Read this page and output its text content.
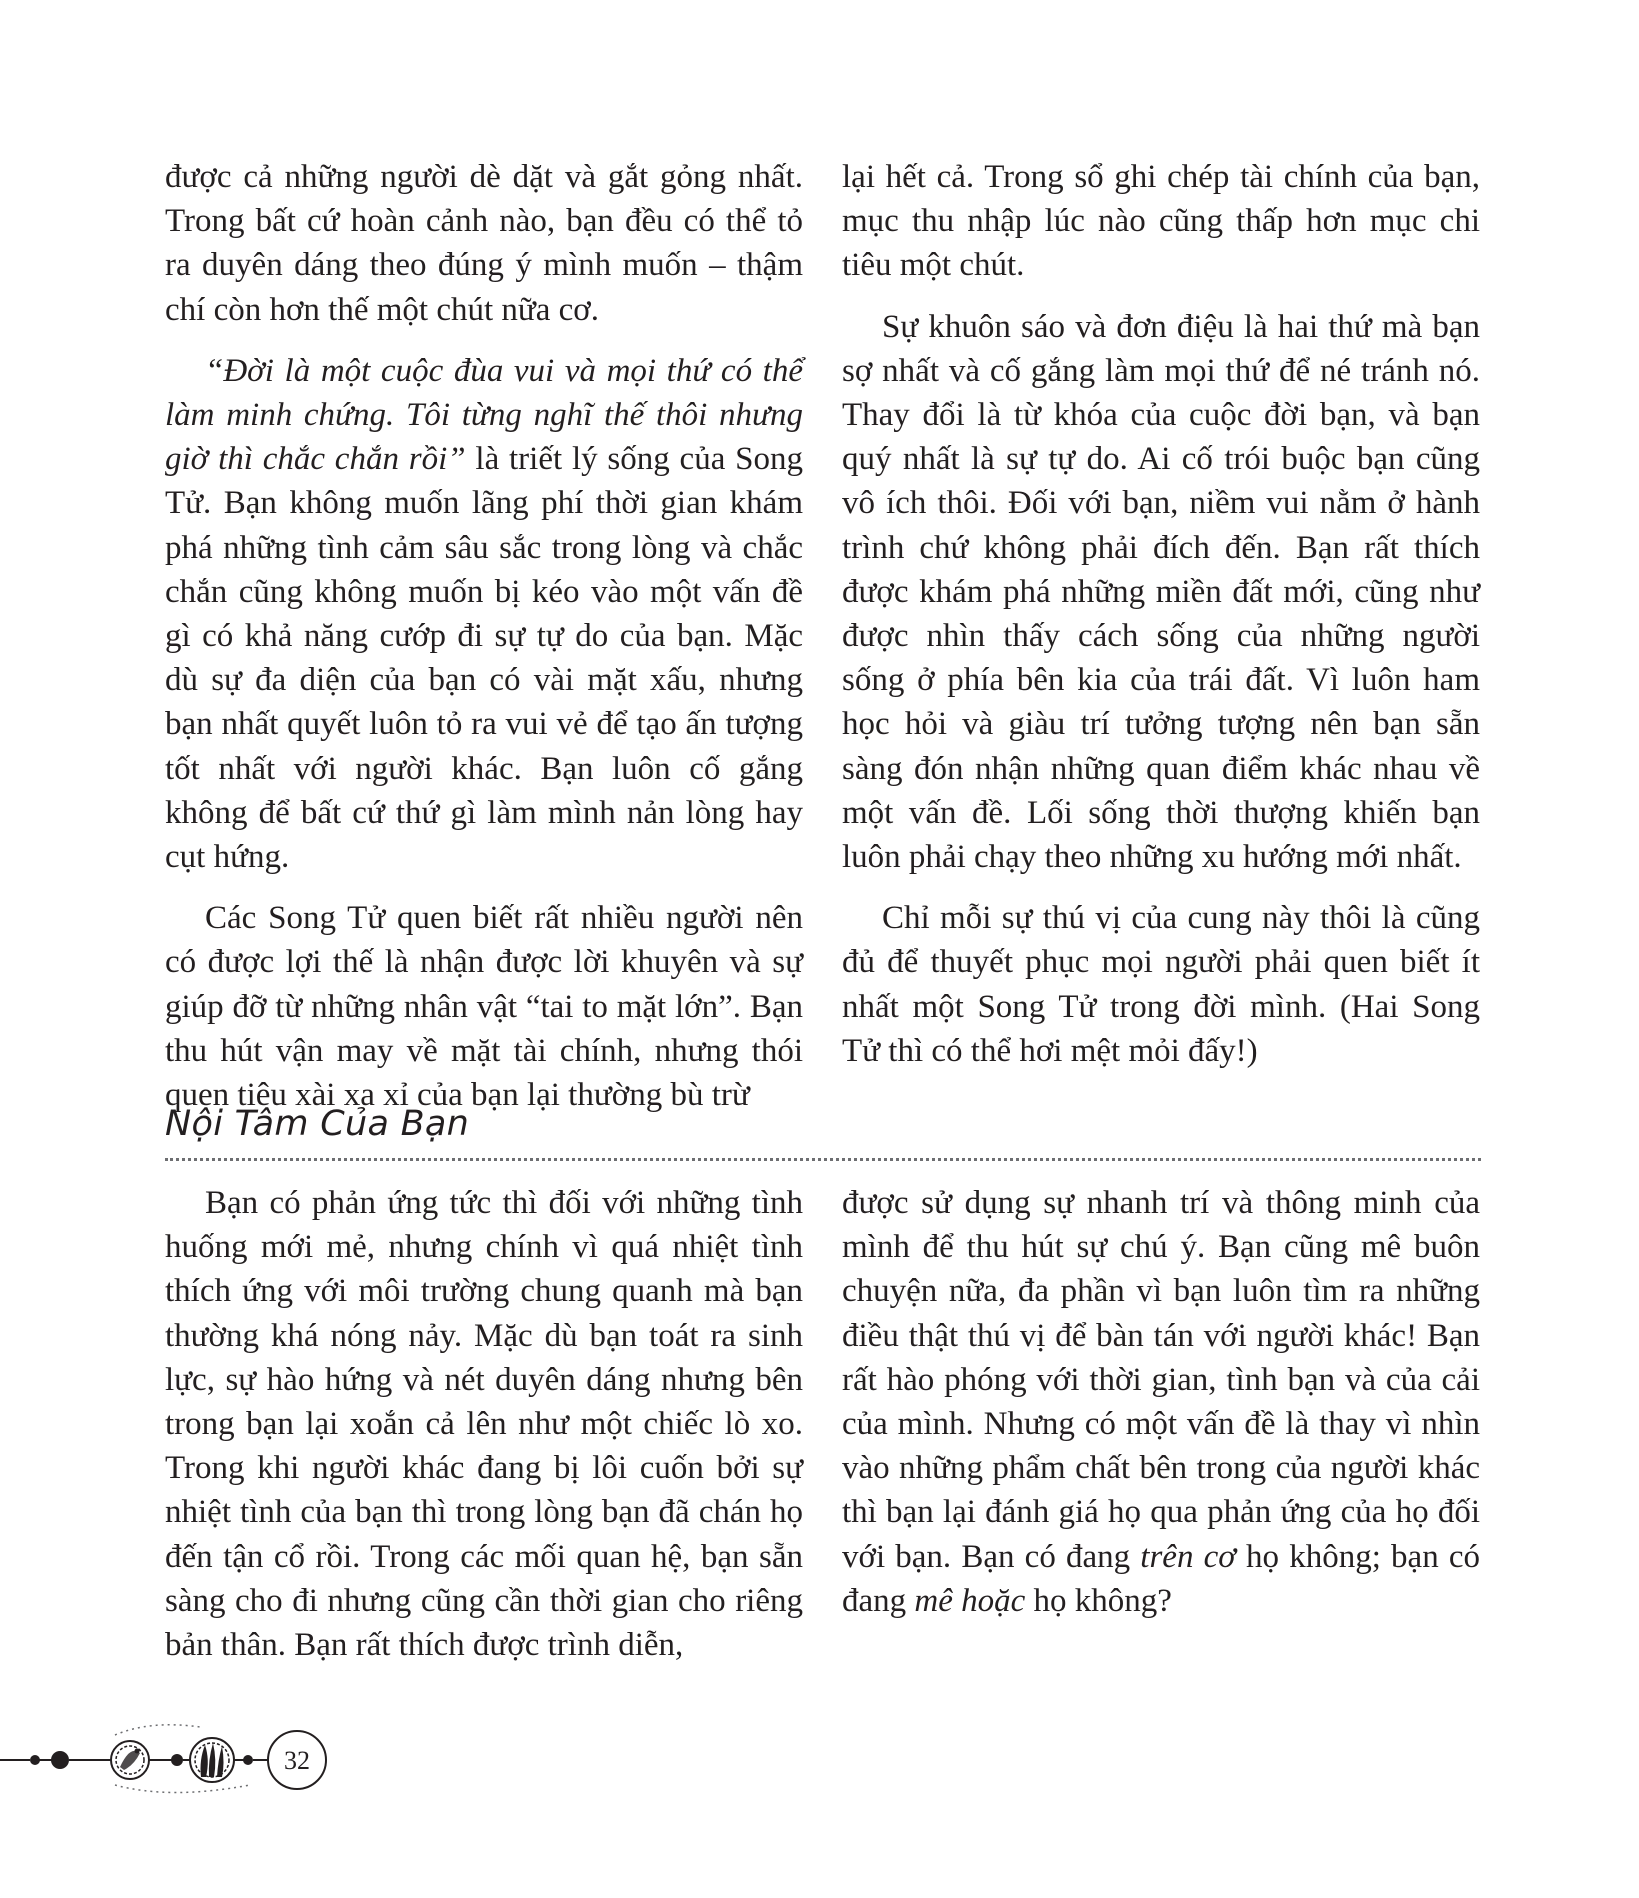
được cả những người dè dặt và gắt gỏng nhất. Trong bất cứ hoàn cảnh nào, bạn đều có thể tỏ ra duyên dáng theo đúng ý mình muốn – thậm chí còn hơn thế một chút nữa cơ.

“Đời là một cuộc đùa vui và mọi thứ có thể làm minh chứng. Tôi từng nghĩ thế thôi nhưng giờ thì chắc chắn rồi” là triết lý sống của Song Tử. Bạn không muốn lãng phí thời gian khám phá những tình cảm sâu sắc trong lòng và chắc chắn cũng không muốn bị kéo vào một vấn đề gì có khả năng cướp đi sự tự do của bạn. Mặc dù sự đa diện của bạn có vài mặt xấu, nhưng bạn nhất quyết luôn tỏ ra vui vẻ để tạo ấn tượng tốt nhất với người khác. Bạn luôn cố gắng không để bất cứ thứ gì làm mình nản lòng hay cụt hứng.

Các Song Tử quen biết rất nhiều người nên có được lợi thế là nhận được lời khuyên và sự giúp đỡ từ những nhân vật “tai to mặt lớn”. Bạn thu hút vận may về mặt tài chính, nhưng thói quen tiêu xài xa xỉ của bạn lại thường bù trừ

lại hết cả. Trong sổ ghi chép tài chính của bạn, mục thu nhập lúc nào cũng thấp hơn mục chi tiêu một chút.

Sự khuôn sáo và đơn điệu là hai thứ mà bạn sợ nhất và cố gắng làm mọi thứ để né tránh nó. Thay đổi là từ khóa của cuộc đời bạn, và bạn quý nhất là sự tự do. Ai cố trói buộc bạn cũng vô ích thôi. Đối với bạn, niềm vui nằm ở hành trình chứ không phải đích đến. Bạn rất thích được khám phá những miền đất mới, cũng như được nhìn thấy cách sống của những người sống ở phía bên kia của trái đất. Vì luôn ham học hỏi và giàu trí tưởng tượng nên bạn sẵn sàng đón nhận những quan điểm khác nhau về một vấn đề. Lối sống thời thượng khiến bạn luôn phải chạy theo những xu hướng mới nhất.

Chỉ mỗi sự thú vị của cung này thôi là cũng đủ để thuyết phục mọi người phải quen biết ít nhất một Song Tử trong đời mình. (Hai Song Tử thì có thể hơi mệt mỏi đấy!)

Nội Tâm Của Bạn

Bạn có phản ứng tức thì đối với những tình huống mới mẻ, nhưng chính vì quá nhiệt tình thích ứng với môi trường chung quanh mà bạn thường khá nóng nảy. Mặc dù bạn toát ra sinh lực, sự hào hứng và nét duyên dáng nhưng bên trong bạn lại xoắn cả lên như một chiếc lò xo. Trong khi người khác đang bị lôi cuốn bởi sự nhiệt tình của bạn thì trong lòng bạn đã chán họ đến tận cổ rồi. Trong các mối quan hệ, bạn sẵn sàng cho đi nhưng cũng cần thời gian cho riêng bản thân. Bạn rất thích được trình diễn,

được sử dụng sự nhanh trí và thông minh của mình để thu hút sự chú ý. Bạn cũng mê buôn chuyện nữa, đa phần vì bạn luôn tìm ra những điều thật thú vị để bàn tán với người khác! Bạn rất hào phóng với thời gian, tình bạn và của cải của mình. Nhưng có một vấn đề là thay vì nhìn vào những phẩm chất bên trong của người khác thì bạn lại đánh giá họ qua phản ứng của họ đối với bạn. Bạn có đang trên cơ họ không; bạn có đang mê hoặc họ không?

32
